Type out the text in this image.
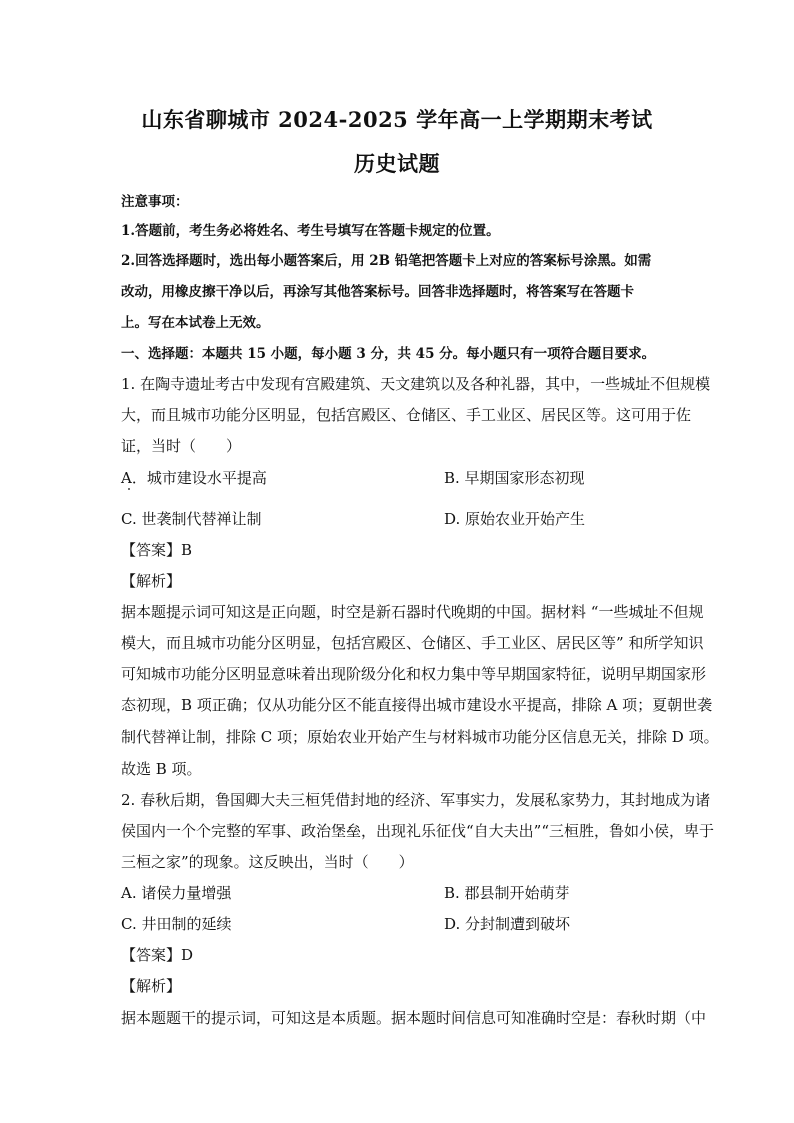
山东省聊城市 2024-2025 学年高一上学期期末考试
历史试题
注意事项：
1.答题前，考生务必将姓名、考生号填写在答题卡规定的位置。
2.回答选择题时，选出每小题答案后，用 2B 铅笔把答题卡上对应的答案标号涂黑。如需
改动，用橡皮擦干净以后，再涂写其他答案标号。回答非选择题时，将答案写在答题卡
上。写在本试卷上无效。
一、选择题：本题共 15 小题，每小题 3 分，共 45 分。每小题只有一项符合题目要求。
1. 在陶寺遗址考古中发现有宫殿建筑、天文建筑以及各种礼器，其中，一些城址不但规模
大，而且城市功能分区明显，包括宫殿区、仓储区、手工业区、居民区等。这可用于佐
证，当时（　　）
A．城市建设水平提高	B. 早期国家形态初现
C. 世袭制代替禅让制	D. 原始农业开始产生
【答案】B
【解析】
据本题提示词可知这是正向题，时空是新石器时代晚期的中国。据材料 “一些城址不但规
模大，而且城市功能分区明显，包括宫殿区、仓储区、手工业区、居民区等” 和所学知识
可知城市功能分区明显意味着出现阶级分化和权力集中等早期国家特征，说明早期国家形
态初现，B 项正确；仅从功能分区不能直接得出城市建设水平提高，排除 A 项；夏朝世袭
制代替禅让制，排除 C 项；原始农业开始产生与材料城市功能分区信息无关，排除 D 项。
故选 B 项。
2. 春秋后期，鲁国卿大夫三桓凭借封地的经济、军事实力，发展私家势力，其封地成为诸
侯国内一个个完整的军事、政治堡垒，出现礼乐征伐“自大夫出”“三桓胜，鲁如小侯，卑于
三桓之家”的现象。这反映出，当时（　　）
A. 诸侯力量增强	B. 郡县制开始萌芽
C. 井田制的延续	D. 分封制遭到破坏
【答案】D
【解析】
据本题题干的提示词，可知这是本质题。据本题时间信息可知准确时空是：春秋时期（中
